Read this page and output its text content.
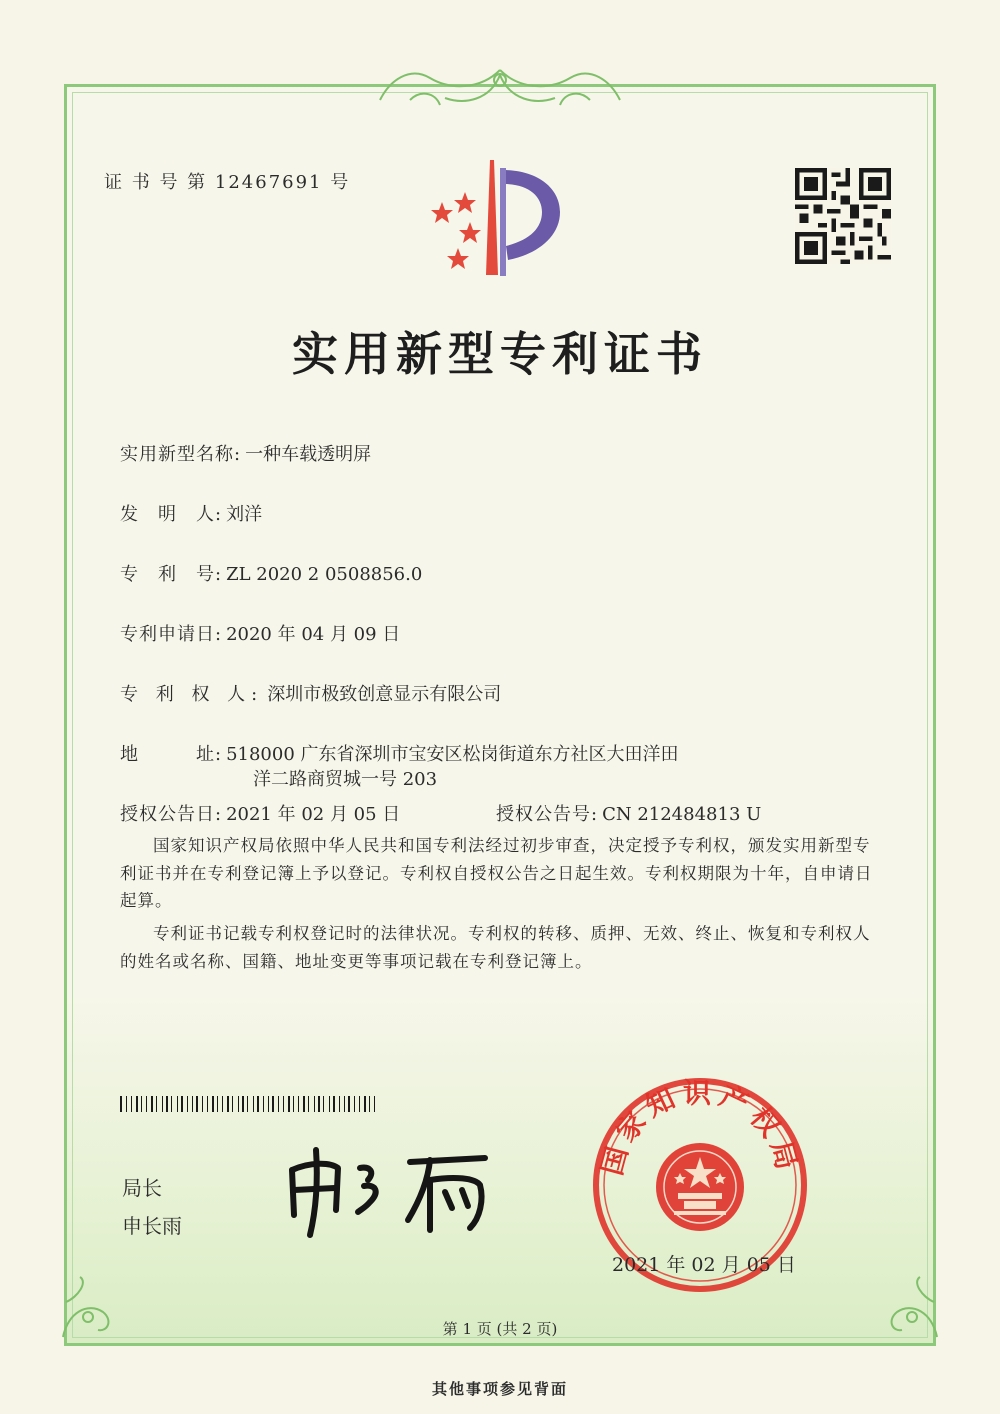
证 书 号 第 12467691 号
实用新型专利证书
实用新型名称: 一种车载透明屏
发　明　人: 刘洋
专　利　号: ZL 2020 2 0508856.0
专利申请日: 2020 年 04 月 09 日
专 利 权 人: 深圳市极致创意显示有限公司
地　　　址: 518000 广东省深圳市宝安区松岗街道东方社区大田洋田
洋二路商贸城一号 203
授权公告日: 2021 年 02 月 05 日	授权公告号: CN 212484813 U

国家知识产权局依照中华人民共和国专利法经过初步审查，决定授予专利权，颁发实用新型专利证书并在专利登记簿上予以登记。专利权自授权公告之日起生效。专利权期限为十年，自申请日起算。

专利证书记载专利权登记时的法律状况。专利权的转移、质押、无效、终止、恢复和专利权人的姓名或名称、国籍、地址变更等事项记载在专利登记簿上。

局长
申长雨
国家知识产权局
2021 年 02 月 05 日
第 1 页 (共 2 页)
其他事项参见背面
